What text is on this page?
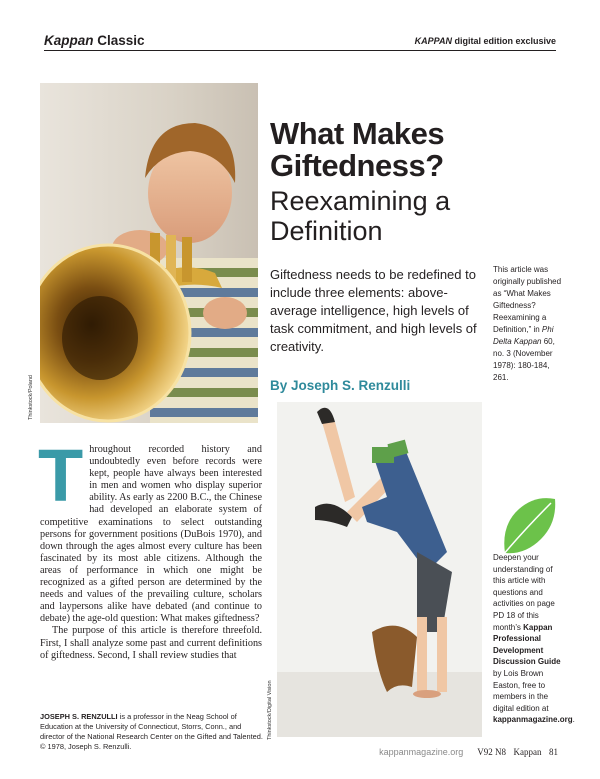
Kappan Classic	KAPPAN digital edition exclusive
Thinkstock/Poland
What Makes Giftedness?
Reexamining a Definition
Giftedness needs to be redefined to include three elements: above-average intelligence, high levels of task commitment, and high levels of creativity.
This article was originally published as “What Makes Giftedness? Reexamining a Definition,” in Phi Delta Kappan 60, no. 3 (November 1978): 180-184, 261.
By Joseph S. Renzulli

Throughout recorded history and undoubtedly even before records were kept, people have always been interested in men and women who display superior ability. As early as 2200 B.C., the Chinese had developed an elaborate system of competitive examinations to select outstanding persons for government positions (DuBois 1970), and down through the ages almost every culture has been fascinated by its most able citizens. Although the areas of performance in which one might be recognized as a gifted person are determined by the needs and values of the prevailing culture, scholars and laypersons alike have debated (and continue to debate) the age-old question: What makes giftedness?

The purpose of this article is therefore threefold. First, I shall analyze some past and current definitions of giftedness. Second, I shall review studies that

JOSEPH S. RENZULLI is a professor in the Neag School of Education at the University of Connecticut, Storrs, Conn., and director of the National Research Center on the Gifted and Talented. © 1978, Joseph S. Renzulli.
Thinkstock/Digital Vision
Deepen your understanding of this article with questions and activities on page PD 18 of this month’s Kappan Professional Development Discussion Guide by Lois Brown Easton, free to members in the digital edition at kappanmagazine.org.
kappanmagazine.org V92 N8 Kappan 81
